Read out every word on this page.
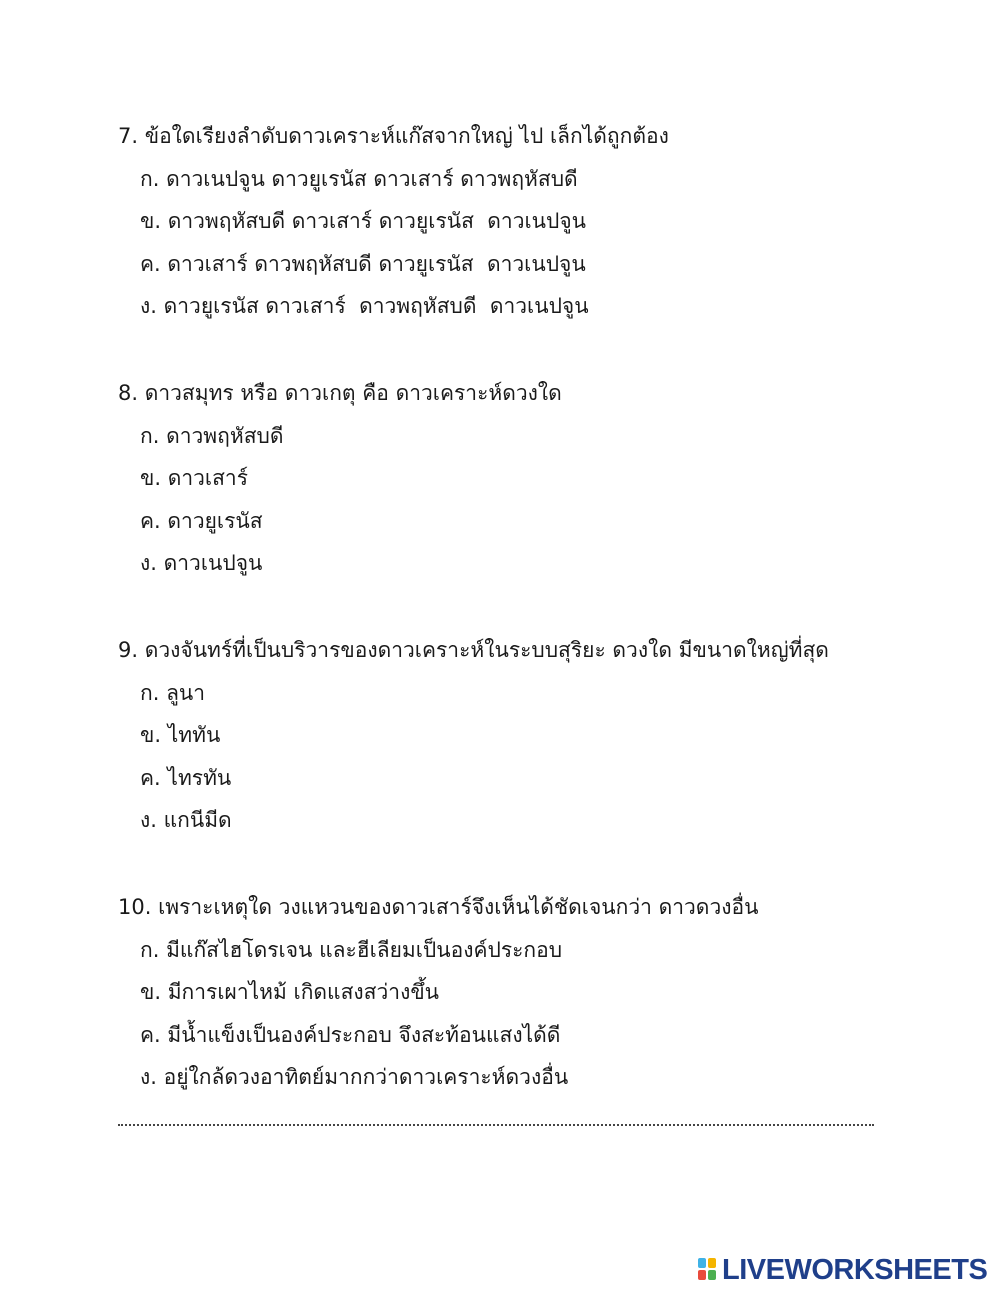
7. ข้อใดเรียงลำดับดาวเคราะห์แก๊สจากใหญ่ ไป เล็กได้ถูกต้อง
ก. ดาวเนปจูน ดาวยูเรนัส ดาวเสาร์ ดาวพฤหัสบดี
ข. ดาวพฤหัสบดี ดาวเสาร์ ดาวยูเรนัส  ดาวเนปจูน
ค. ดาวเสาร์ ดาวพฤหัสบดี ดาวยูเรนัส  ดาวเนปจูน
ง. ดาวยูเรนัส ดาวเสาร์  ดาวพฤหัสบดี  ดาวเนปจูน
8. ดาวสมุทร หรือ ดาวเกตุ คือ ดาวเคราะห์ดวงใด
ก. ดาวพฤหัสบดี
ข. ดาวเสาร์
ค. ดาวยูเรนัส
ง. ดาวเนปจูน
9. ดวงจันทร์ที่เป็นบริวารของดาวเคราะห์ในระบบสุริยะ ดวงใด มีขนาดใหญ่ที่สุด
ก. ลูนา
ข. ไททัน
ค. ไทรทัน
ง. แกนีมีด
10. เพราะเหตุใด วงแหวนของดาวเสาร์จึงเห็นได้ชัดเจนกว่า ดาวดวงอื่น
ก. มีแก๊สไฮโดรเจน และฮีเลียมเป็นองค์ประกอบ
ข. มีการเผาไหม้ เกิดแสงสว่างขึ้น
ค. มีน้ำแข็งเป็นองค์ประกอบ จึงสะท้อนแสงได้ดี
ง. อยู่ใกล้ดวงอาทิตย์มากกว่าดาวเคราะห์ดวงอื่น
LIVEWORKSHEETS
